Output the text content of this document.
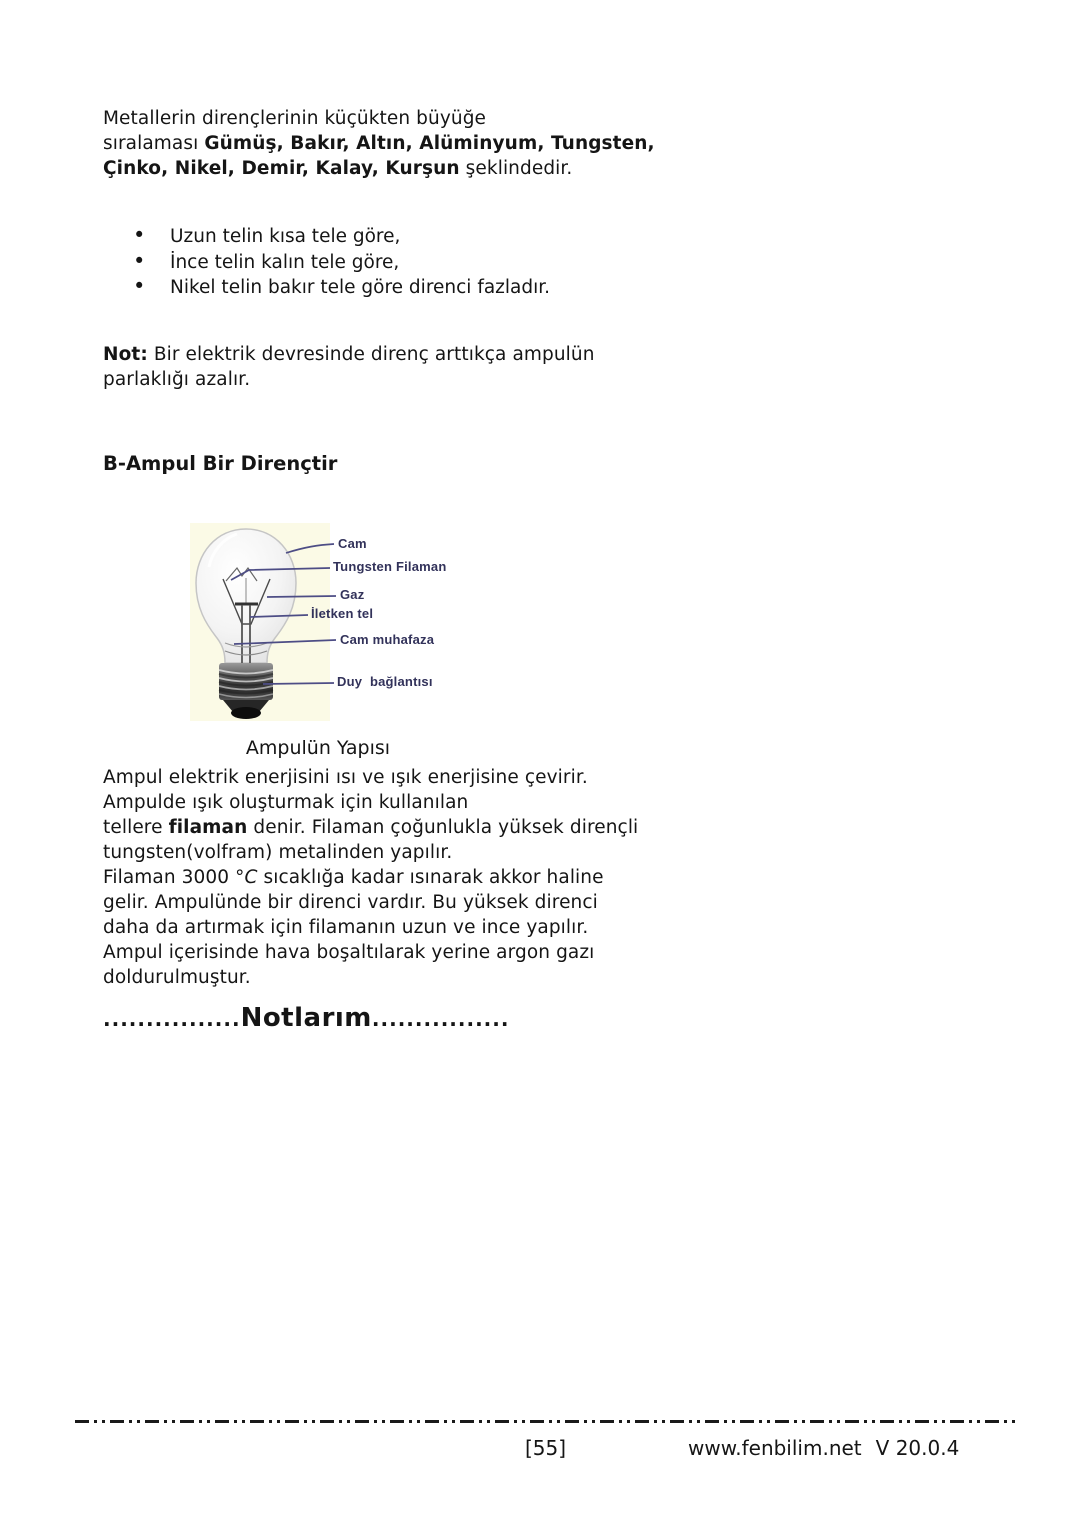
Metallerin dirençlerinin küçükten büyüğe
sıralaması Gümüş, Bakır, Altın, Alüminyum, Tungsten,
Çinko, Nikel, Demir, Kalay, Kurşun şeklindedir.

• Uzun telin kısa tele göre,
• İnce telin kalın tele göre,
• Nikel telin bakır tele göre direnci fazladır.

Not: Bir elektrik devresinde direnç arttıkça ampulün
parlaklığı azalır.

B-Ampul Bir Dirençtir
Cam
Tungsten Filaman
Gaz
İletken tel
Cam muhafaza
Duy bağlantısı
Ampulün Yapısı

Ampul elektrik enerjisini ısı ve ışık enerjisine çevirir.
Ampulde ışık oluşturmak için kullanılan
tellere filaman denir. Filaman çoğunlukla yüksek dirençli
tungsten(volfram) metalinden yapılır.
Filaman 3000 °C sıcaklığa kadar ısınarak akkor haline
gelir. Ampulünde bir direnci vardır. Bu yüksek direnci
daha da artırmak için filamanın uzun ve ince yapılır.
Ampul içerisinde hava boşaltılarak yerine argon gazı
doldurulmuştur.

................Notlarım................
[55]	www.fenbilim.net V 20.0.4
